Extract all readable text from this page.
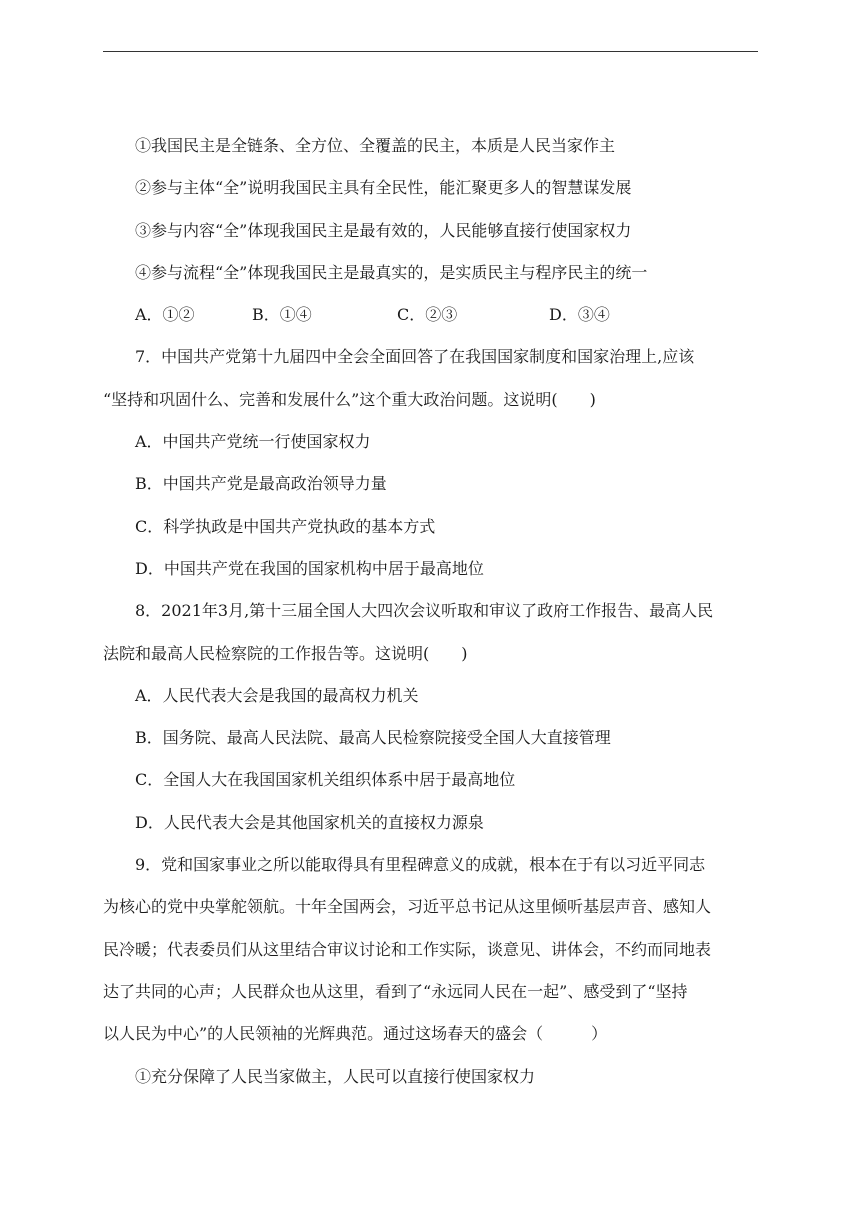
①我国民主是全链条、全方位、全覆盖的民主，本质是人民当家作主
②参与主体“全”说明我国民主具有全民性，能汇聚更多人的智慧谋发展
③参与内容“全”体现我国民主是最有效的，人民能够直接行使国家权力
④参与流程“全”体现我国民主是最真实的，是实质民主与程序民主的统一
A．①②	B．①④	C．②③	D．③④
7．中国共产党第十九届四中全会全面回答了在我国国家制度和国家治理上,应该
“坚持和巩固什么、完善和发展什么”这个重大政治问题。这说明(　　)
A．中国共产党统一行使国家权力
B．中国共产党是最高政治领导力量
C．科学执政是中国共产党执政的基本方式
D．中国共产党在我国的国家机构中居于最高地位
8．2021年3月,第十三届全国人大四次会议听取和审议了政府工作报告、最高人民
法院和最高人民检察院的工作报告等。这说明(　　)
A．人民代表大会是我国的最高权力机关
B．国务院、最高人民法院、最高人民检察院接受全国人大直接管理
C．全国人大在我国国家机关组织体系中居于最高地位
D．人民代表大会是其他国家机关的直接权力源泉
9．党和国家事业之所以能取得具有里程碑意义的成就，根本在于有以习近平同志
为核心的党中央掌舵领航。十年全国两会，习近平总书记从这里倾听基层声音、感知人
民冷暖；代表委员们从这里结合审议讨论和工作实际，谈意见、讲体会，不约而同地表
达了共同的心声；人民群众也从这里，看到了“永远同人民在一起”、感受到了“坚持
以人民为中心”的人民领袖的光辉典范。通过这场春天的盛会（　　　）
①充分保障了人民当家做主，人民可以直接行使国家权力
